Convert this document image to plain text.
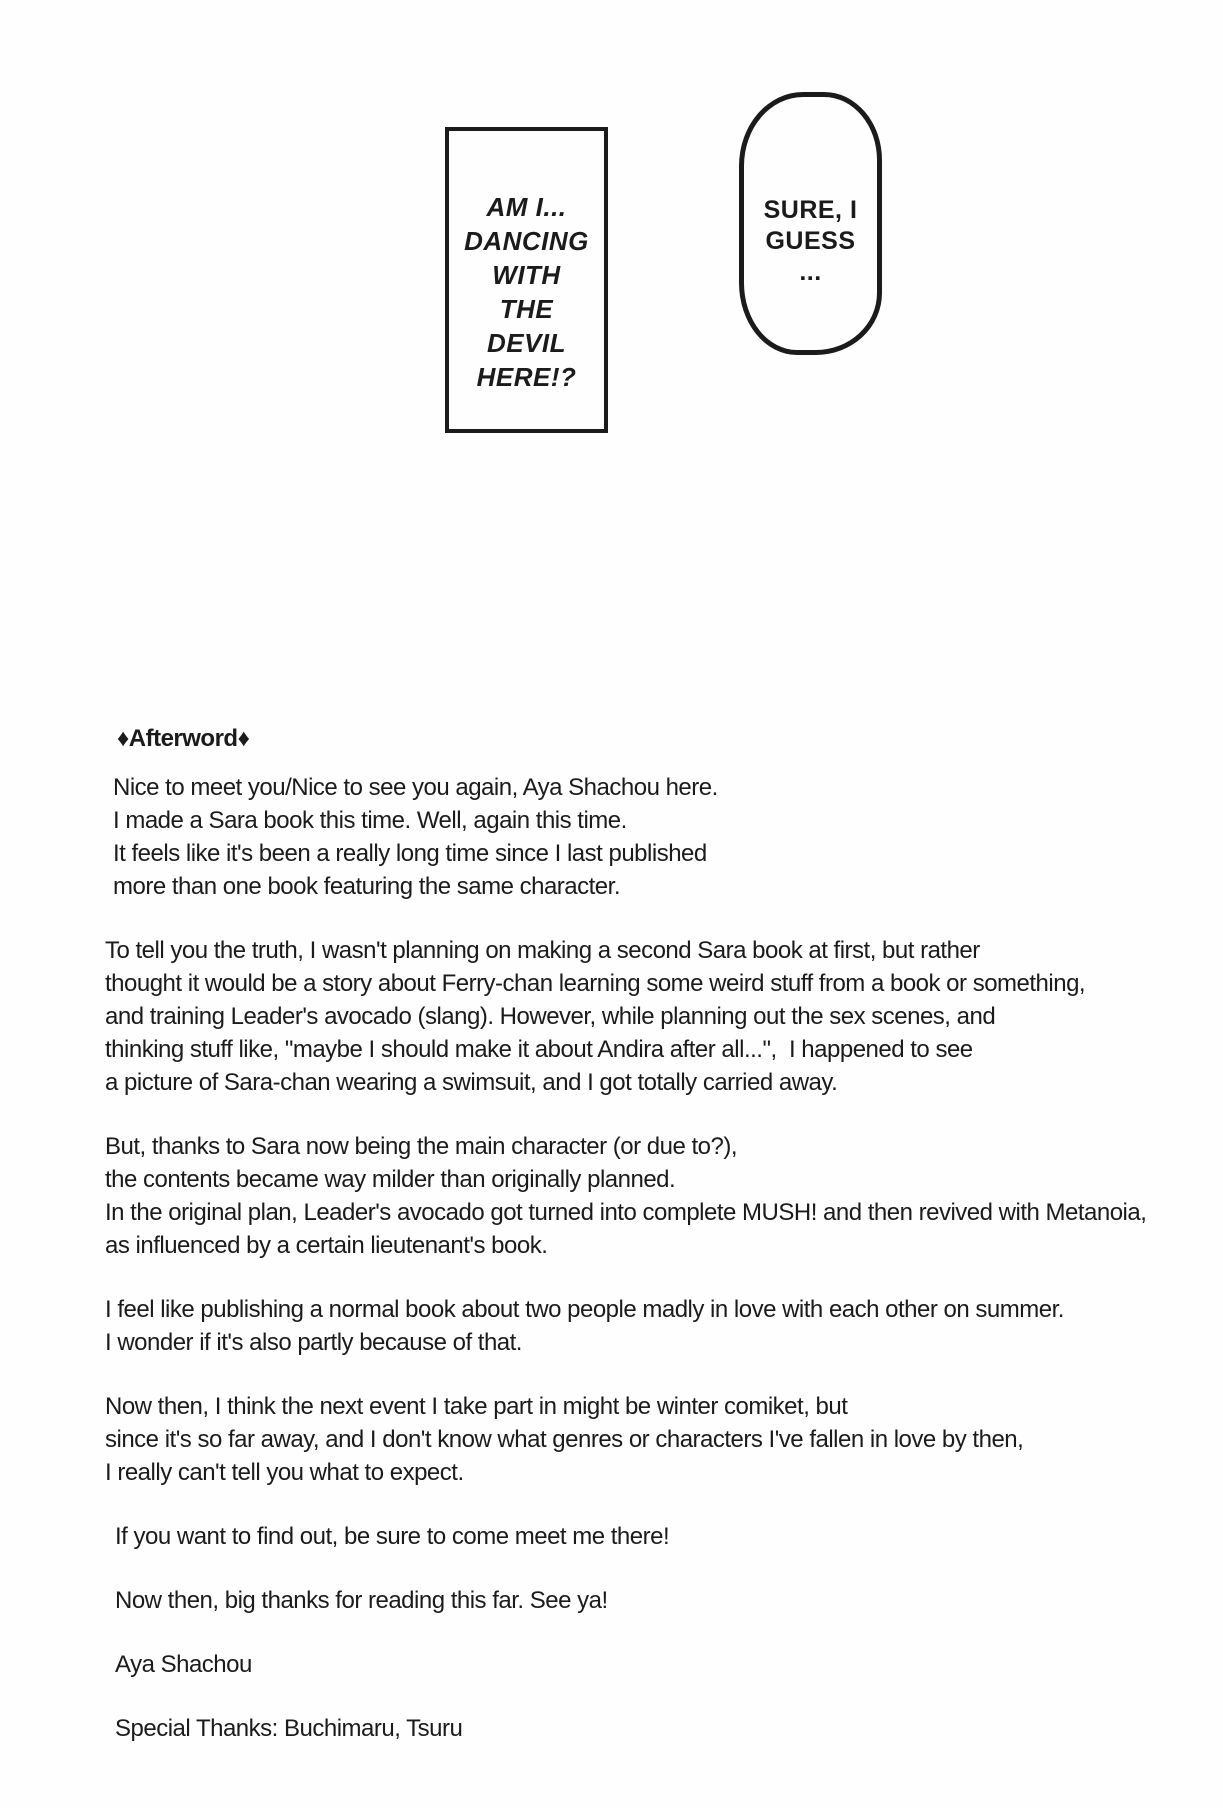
AM I...
DANCING
WITH
THE
DEVIL
HERE!?
SURE, I
GUESS
...
♦Afterword♦
Nice to meet you/Nice to see you again, Aya Shachou here.
I made a Sara book this time. Well, again this time.
It feels like it's been a really long time since I last published
more than one book featuring the same character.
To tell you the truth, I wasn't planning on making a second Sara book at first, but rather
thought it would be a story about Ferry-chan learning some weird stuff from a book or something,
and training Leader's avocado (slang). However, while planning out the sex scenes, and
thinking stuff like, "maybe I should make it about Andira after all...",  I happened to see
a picture of Sara-chan wearing a swimsuit, and I got totally carried away.
But, thanks to Sara now being the main character (or due to?),
the contents became way milder than originally planned.
In the original plan, Leader's avocado got turned into complete MUSH! and then revived with Metanoia,
as influenced by a certain lieutenant's book.
I feel like publishing a normal book about two people madly in love with each other on summer.
I wonder if it's also partly because of that.
Now then, I think the next event I take part in might be winter comiket, but
since it's so far away, and I don't know what genres or characters I've fallen in love by then,
I really can't tell you what to expect.
If you want to find out, be sure to come meet me there!
Now then, big thanks for reading this far. See ya!
Aya Shachou
Special Thanks: Buchimaru, Tsuru
